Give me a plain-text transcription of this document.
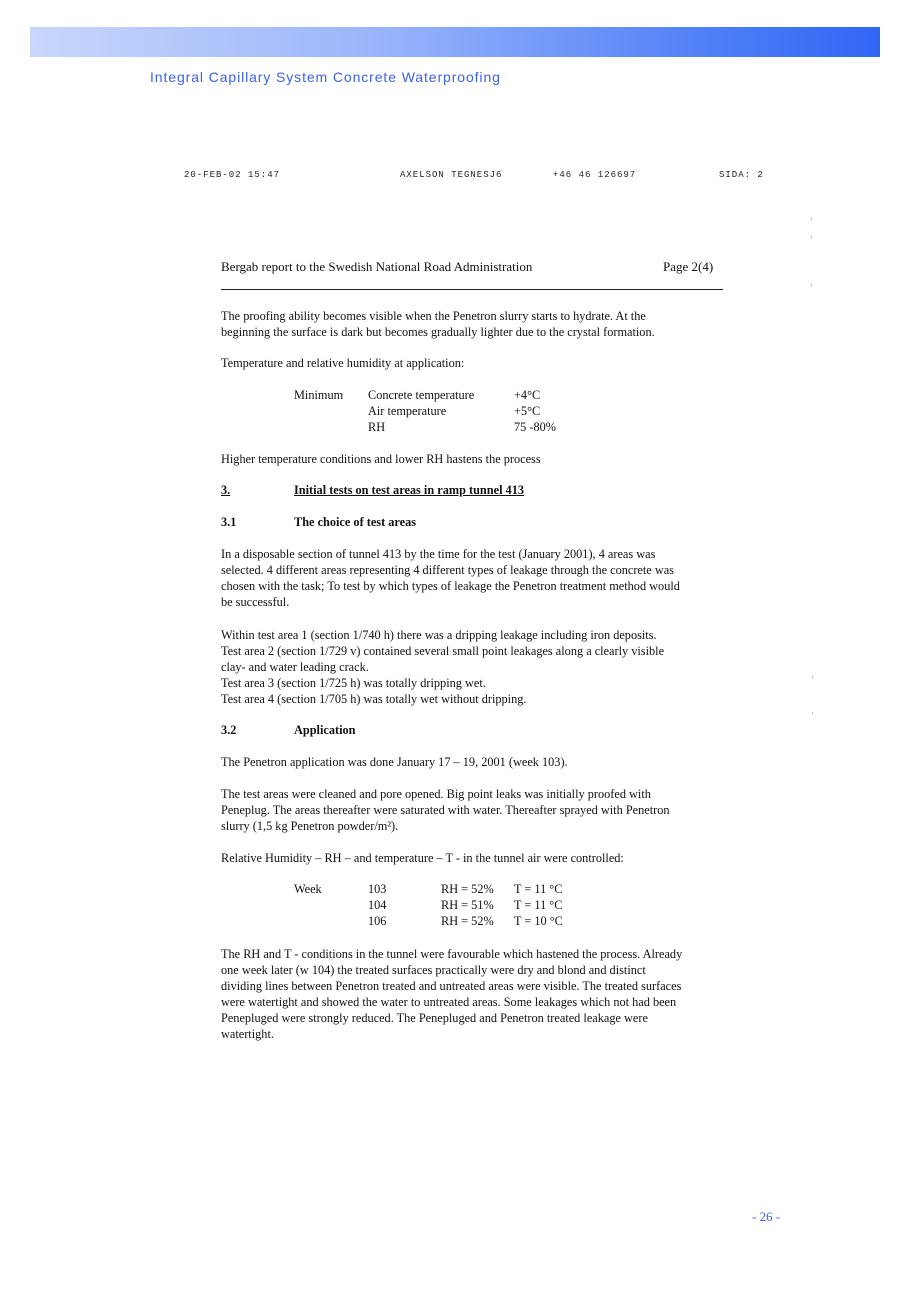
Integral Capillary System Concrete Waterproofing
20-FEB-02 15:47	AXELSON TEGNESJ6	+46 46 126697	SIDA: 2
Bergab report to the Swedish National Road Administration	Page 2(4)
The proofing ability becomes visible when the Penetron slurry starts to hydrate. At the
beginning the surface is dark but becomes gradually lighter due to the crystal formation.
Temperature and relative humidity at application:
Minimum Concrete temperature	+4°C
Air temperature	+5°C
RH	75 -80%
Higher temperature conditions and lower RH hastens the process
3.	Initial tests on test areas in ramp tunnel 413
3.1	The choice of test areas
In a disposable section of tunnel 413 by the time for the test (January 2001), 4 areas was
selected. 4 different areas representing 4 different types of leakage through the concrete was
chosen with the task; To test by which types of leakage the Penetron treatment method would
be successful.
Within test area 1 (section 1/740 h) there was a dripping leakage including iron deposits.
Test area 2 (section 1/729 v) contained several small point leakages along a clearly visible
clay- and water leading crack.
Test area 3 (section 1/725 h) was totally dripping wet.
Test area 4 (section 1/705 h) was totally wet without dripping.
3.2	Application
The Penetron application was done January 17 – 19, 2001 (week 103).
The test areas were cleaned and pore opened. Big point leaks was initially proofed with
Peneplug. The areas thereafter were saturated with water. Thereafter sprayed with Penetron
slurry (1,5 kg Penetron powder/m²).
Relative Humidity – RH – and temperature – T - in the tunnel air were controlled:
Week	103	RH = 52% T = 11 °C
104	RH = 51% T = 11 °C
106	RH = 52% T = 10 °C
The RH and T - conditions in the tunnel were favourable which hastened the process. Already
one week later (w 104) the treated surfaces practically were dry and blond and distinct
dividing lines between Penetron treated and untreated areas were visible. The treated surfaces
were watertight and showed the water to untreated areas. Some leakages which not had been
Penepluged were strongly reduced. The Penepluged and Penetron treated leakage were
watertight.
- 26 -
